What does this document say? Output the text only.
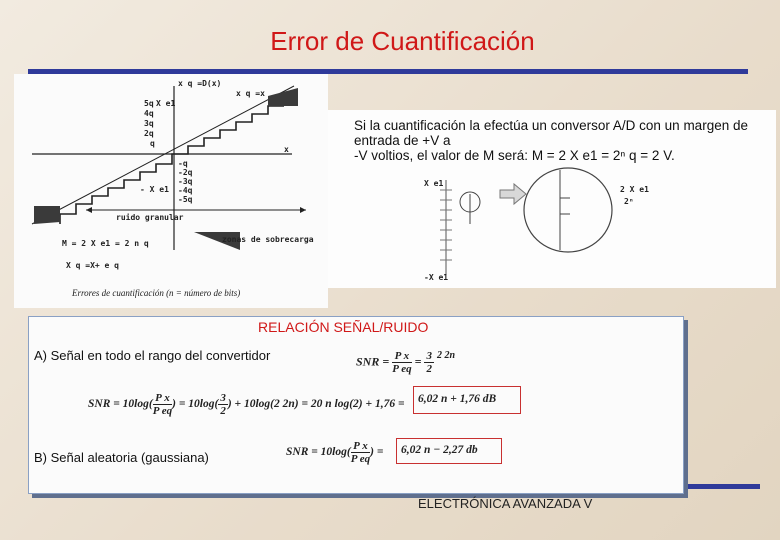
Error de Cuantificación
x q =D(x)
x q =x
5q
4q
3q
2q
q
X e1
-q
-2q
-3q
-4q
-5q
- X e1
x
ruido granular
zonas de sobrecarga
M = 2 X e1 = 2 n q
X q =X+ e q
Errores de cuantificación (n = número de bits)
X e1
-X e1
2 X e1
2ⁿ
Si la cuantificación la efectúa un conversor A/D con un margen de entrada de +V a
-V voltios, el valor de M será: M = 2 X e1 = 2ⁿ q = 2 V.
RELACIÓN SEÑAL/RUIDO
A) Señal en todo el rango del convertidor
B) Señal aleatoria (gaussiana)
SNR = $\frac{\text{P x}}{\text{P eq}} = \frac{3}{2} ^{2 2n}$
SNR = $10\log( \frac{\text{P x}}{\text{P eq}}$ ) = $10\log( \frac{3}{2}$ ) + 10log(2 2n) = 20 n log(2) + 1,76 = 6,02 n + 1,76 dB
SNR = $10\log( \frac{\text{P x}}{\text{P eq}}$ ) = 6,02 n − 2,27 db
ELECTRÓNICA AVANZADA V
